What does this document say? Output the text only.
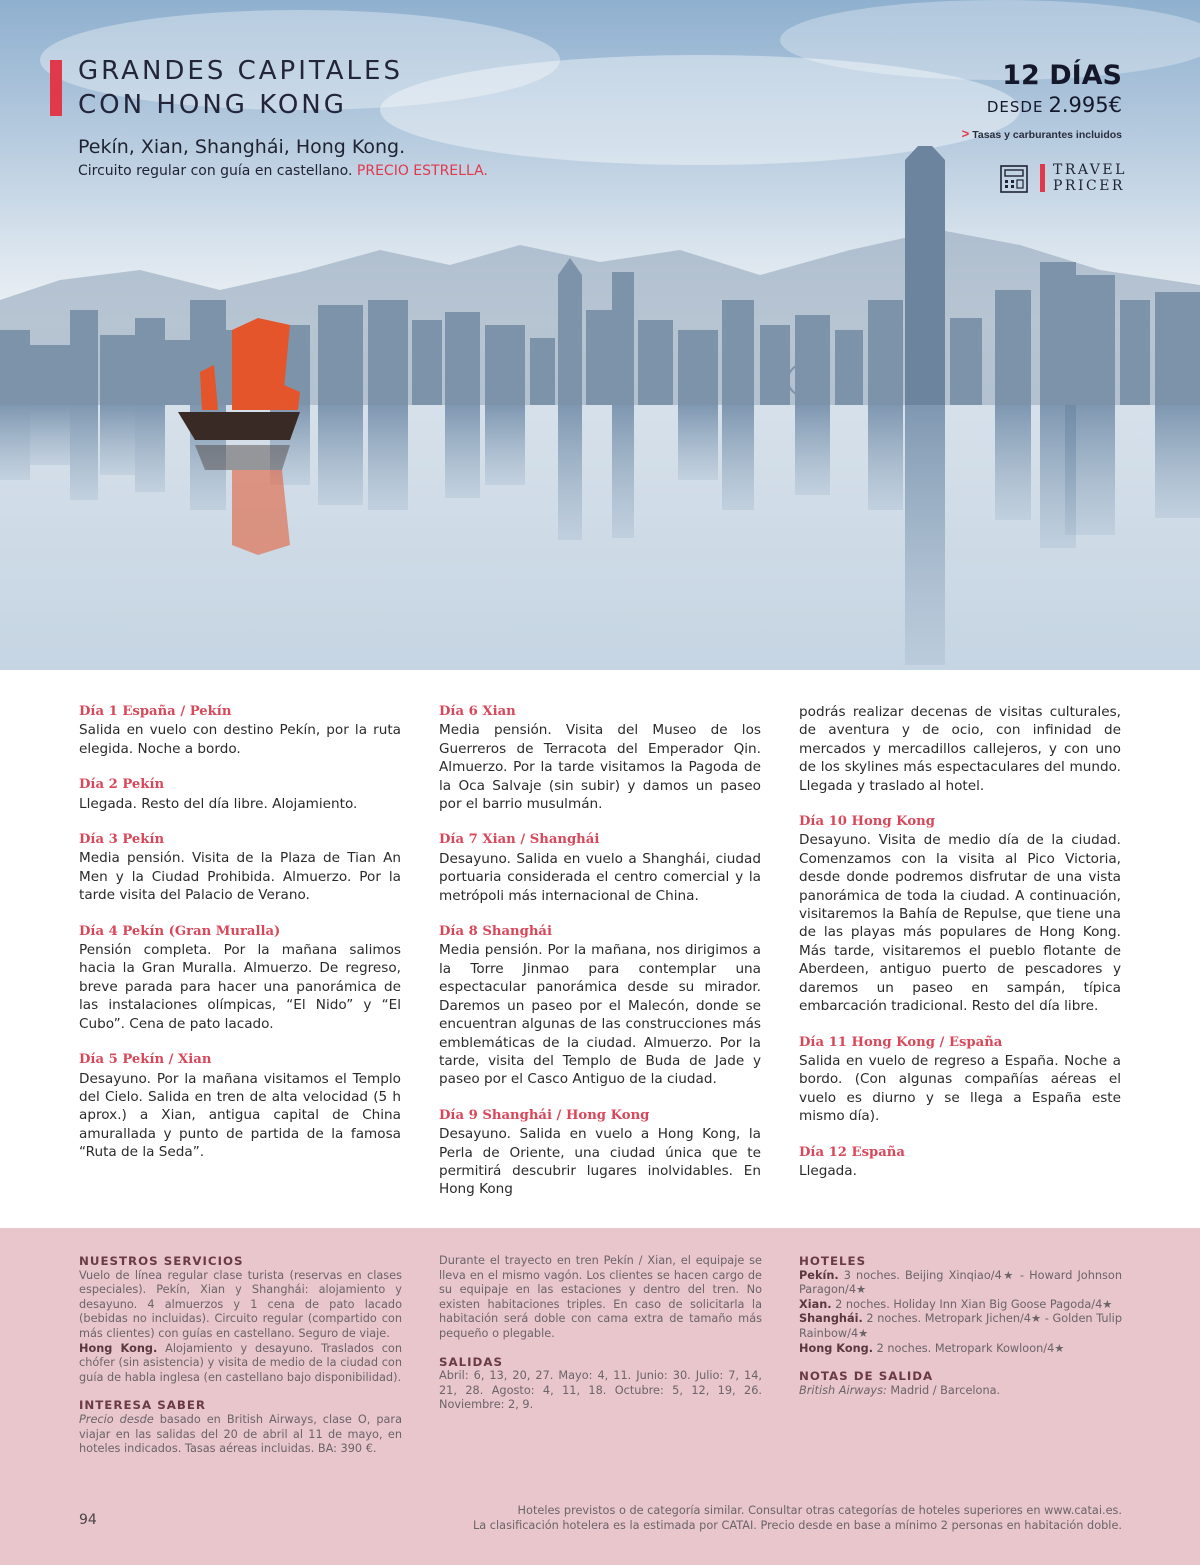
GRANDES CAPITALES
CON HONG KONG
Pekín, Xian, Shanghái, Hong Kong.
Circuito regular con guía en castellano. PRECIO ESTRELLA.
12 DÍAS
DESDE 2.995€
> Tasas y carburantes incluidos
TRAVEL
PRICER
Día 1 España / Pekín

Salida en vuelo con destino Pekín, por la ruta elegida. Noche a bordo.

Día 2 Pekín

Llegada. Resto del día libre. Alojamiento.

Día 3 Pekín

Media pensión. Visita de la Plaza de Tian An Men y la Ciudad Prohibida. Almuerzo. Por la tarde visita del Palacio de Verano.

Día 4 Pekín (Gran Muralla)

Pensión completa. Por la mañana salimos hacia la Gran Muralla. Almuerzo. De regreso, breve parada para hacer una panorámica de las instalaciones olímpicas, “El Nido” y “El Cubo”. Cena de pato lacado.

Día 5 Pekín / Xian

Desayuno. Por la mañana visitamos el Templo del Cielo. Salida en tren de alta velocidad (5 h aprox.) a Xian, antigua capital de China amurallada y punto de partida de la famosa “Ruta de la Seda”.

Día 6 Xian

Media pensión. Visita del Museo de los Guerreros de Terracota del Emperador Qin. Almuerzo. Por la tarde visitamos la Pagoda de la Oca Salvaje (sin subir) y damos un paseo por el barrio musulmán.

Día 7 Xian / Shanghái

Desayuno. Salida en vuelo a Shanghái, ciudad portuaria considerada el centro comercial y la metrópoli más internacional de China.

Día 8 Shanghái

Media pensión. Por la mañana, nos dirigimos a la Torre Jinmao para contemplar una espectacular panorámica desde su mirador. Daremos un paseo por el Malecón, donde se encuentran algunas de las construcciones más emblemáticas de la ciudad. Almuerzo. Por la tarde, visita del Templo de Buda de Jade y paseo por el Casco Antiguo de la ciudad.

Día 9 Shanghái / Hong Kong

Desayuno. Salida en vuelo a Hong Kong, la Perla de Oriente, una ciudad única que te permitirá descubrir lugares inolvidables. En Hong Kong

podrás realizar decenas de visitas culturales, de aventura y de ocio, con infinidad de mercados y mercadillos callejeros, y con uno de los skylines más espectaculares del mundo. Llegada y traslado al hotel.

Día 10 Hong Kong

Desayuno. Visita de medio día de la ciudad. Comenzamos con la visita al Pico Victoria, desde donde podremos disfrutar de una vista panorámica de toda la ciudad. A continuación, visitaremos la Bahía de Repulse, que tiene una de las playas más populares de Hong Kong. Más tarde, visitaremos el pueblo flotante de Aberdeen, antiguo puerto de pescadores y daremos un paseo en sampán, típica embarcación tradicional. Resto del día libre.

Día 11 Hong Kong / España

Salida en vuelo de regreso a España. Noche a bordo. (Con algunas compañías aéreas el vuelo es diurno y se llega a España este mismo día).

Día 12 España

Llegada.

NUESTROS SERVICIOS

Vuelo de línea regular clase turista (reservas en clases especiales). Pekín, Xian y Shanghái: alojamiento y desayuno. 4 almuerzos y 1 cena de pato lacado (bebidas no incluidas). Circuito regular (compartido con más clientes) con guías en castellano. Seguro de viaje.

Hong Kong. Alojamiento y desayuno. Traslados con chófer (sin asistencia) y visita de medio de la ciudad con guía de habla inglesa (en castellano bajo disponibilidad).

INTERESA SABER

Precio desde basado en British Airways, clase O, para viajar en las salidas del 20 de abril al 11 de mayo, en hoteles indicados. Tasas aéreas incluidas. BA: 390 €.

Durante el trayecto en tren Pekín / Xian, el equipaje se lleva en el mismo vagón. Los clientes se hacen cargo de su equipaje en las estaciones y dentro del tren. No existen habitaciones triples. En caso de solicitarla la habitación será doble con cama extra de tamaño más pequeño o plegable.

SALIDAS

Abril: 6, 13, 20, 27. Mayo: 4, 11. Junio: 30. Julio: 7, 14, 21, 28. Agosto: 4, 11, 18. Octubre: 5, 12, 19, 26. Noviembre: 2, 9.

HOTELES

Pekín. 3 noches. Beijing Xinqiao/4★ - Howard Johnson Paragon/4★

Xian. 2 noches. Holiday Inn Xian Big Goose Pagoda/4★

Shanghái. 2 noches. Metropark Jichen/4★ - Golden Tulip Rainbow/4★

Hong Kong. 2 noches. Metropark Kowloon/4★

NOTAS DE SALIDA

British Airways: Madrid / Barcelona.

94
Hoteles previstos o de categoría similar. Consultar otras categorías de hoteles superiores en www.catai.es.
La clasificación hotelera es la estimada por CATAI. Precio desde en base a mínimo 2 personas en habitación doble.
